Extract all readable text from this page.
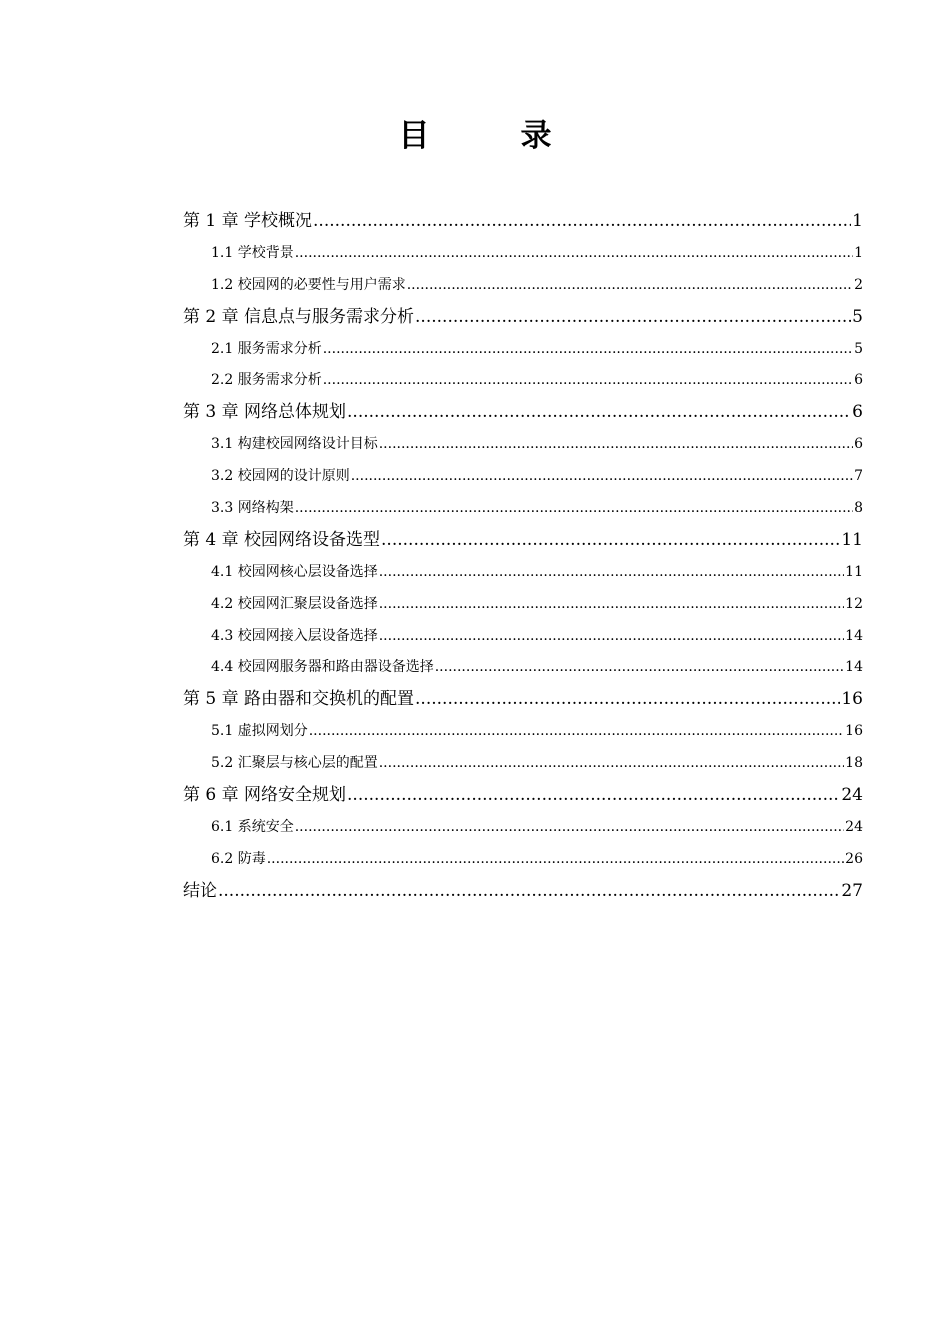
目　录
第 1 章 学校概况 .....	1
1.1 学校背景 .....	1
1.2 校园网的必要性与用户需求 .....	2
第 2 章 信息点与服务需求分析 .....	5
2.1 服务需求分析 .....	5
2.2 服务需求分析 .....	6
第 3 章 网络总体规划 .....	6
3.1 构建校园网络设计目标 .....	6
3.2 校园网的设计原则 .....	7
3.3 网络构架 .....	8
第 4 章 校园网络设备选型 .....	11
4.1 校园网核心层设备选择 .....	11
4.2 校园网汇聚层设备选择 .....	12
4.3 校园网接入层设备选择 .....	14
4.4 校园网服务器和路由器设备选择 .....	14
第 5 章 路由器和交换机的配置 .....	16
5.1 虚拟网划分 .....	16
5.2 汇聚层与核心层的配置 .....	18
第 6 章 网络安全规划 .....	24
6.1 系统安全 .....	24
6.2 防毒 .....	26
结论 .....	27
